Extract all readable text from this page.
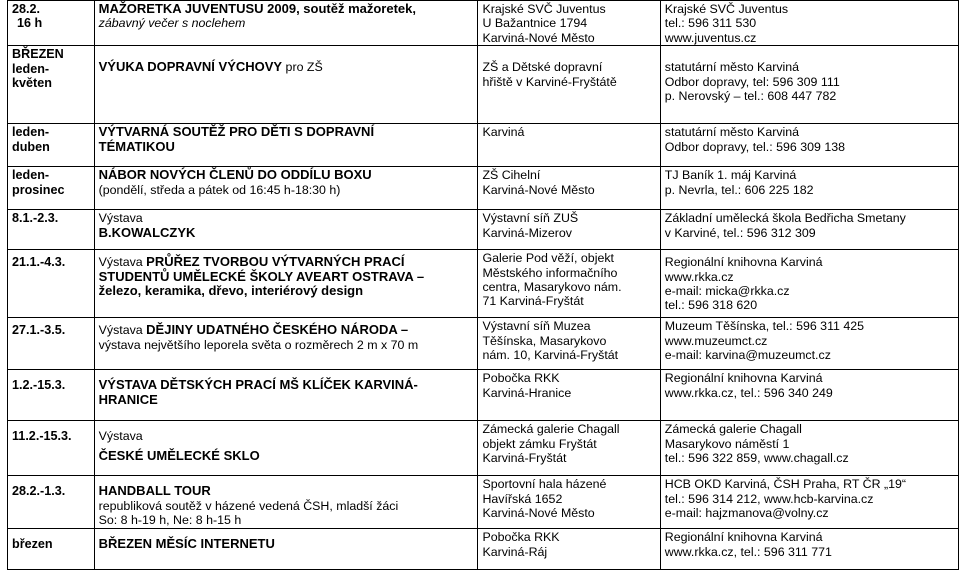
28.2.
16 h	MAŽORETKA JUVENTUSU 2009, soutěž mažoretek,
zábavný večer s noclehem	Krajské SVČ Juventus
U Bažantnice 1794
Karviná-Nové Město	Krajské SVČ Juventus
tel.: 596 311 530
www.juventus.cz

BŘEZEN
leden-
květen	VÝUKA DOPRAVNÍ VÝCHOVY pro ZŠ	ZŠ a Dětské dopravní
hřiště v Karviné-Fryštátě	statutární město Karviná
Odbor dopravy, tel: 596 309 111
p. Nerovský – tel.: 608 447 782

leden-
duben	VÝTVARNÁ SOUTĚŽ PRO DĚTI S DOPRAVNÍ
TÉMATIKOU	Karviná	statutární město Karviná
Odbor dopravy, tel.: 596 309 138

leden-
prosinec	NÁBOR NOVÝCH ČLENŮ DO ODDÍLU BOXU
(pondělí, středa a pátek od 16:45 h-18:30 h)	ZŠ Cihelní
Karviná-Nové Město	TJ Baník 1. máj Karviná
p. Nevrla, tel.: 606 225 182

8.1.-2.3.	Výstava
B.KOWALCZYK	Výstavní síň ZUŠ
Karviná-Mizerov	Základní umělecká škola Bedřicha Smetany
v Karviné, tel.: 596 312 309

21.1.-4.3.	Výstava PRŮŘEZ TVORBOU VÝTVARNÝCH PRACÍ
STUDENTŮ UMĚLECKÉ ŠKOLY AVEART OSTRAVA –
železo, keramika, dřevo, interiérový design	Galerie Pod věží, objekt
Městského informačního
centra, Masarykovo nám.
71 Karviná-Fryštát	Regionální knihovna Karviná
www.rkka.cz
e-mail: micka@rkka.cz
tel.: 596 318 620

27.1.-3.5.	Výstava DĚJINY UDATNÉHO ČESKÉHO NÁRODA –
výstava největšího leporela světa o rozměrech 2 m x 70 m	Výstavní síň Muzea
Těšínska, Masarykovo
nám. 10, Karviná-Fryštát	Muzeum Těšínska, tel.: 596 311 425
www.muzeumct.cz
e-mail: karvina@muzeumct.cz

1.2.-15.3.	VÝSTAVA DĚTSKÝCH PRACÍ MŠ KLÍČEK KARVINÁ-
HRANICE	Pobočka RKK
Karviná-Hranice	Regionální knihovna Karviná
www.rkka.cz, tel.: 596 340 249

11.2.-15.3.	Výstava
ČESKÉ UMĚLECKÉ SKLO	Zámecká galerie Chagall
objekt zámku Fryštát
Karviná-Fryštát	Zámecká galerie Chagall
Masarykovo náměstí 1
tel.: 596 322 859, www.chagall.cz

28.2.-1.3.	HANDBALL TOUR
republiková soutěž v házené vedená ČSH, mladší žáci
So: 8 h-19 h, Ne: 8 h-15 h	Sportovní hala házené
Havířská 1652
Karviná-Nové Město	HCB OKD Karviná, ČSH Praha, RT ČR „19“
tel.: 596 314 212, www.hcb-karvina.cz
e-mail: hajzmanova@volny.cz

březen	BŘEZEN MĚSÍC INTERNETU	Pobočka RKK
Karviná-Ráj	Regionální knihovna Karviná
www.rkka.cz, tel.: 596 311 771
